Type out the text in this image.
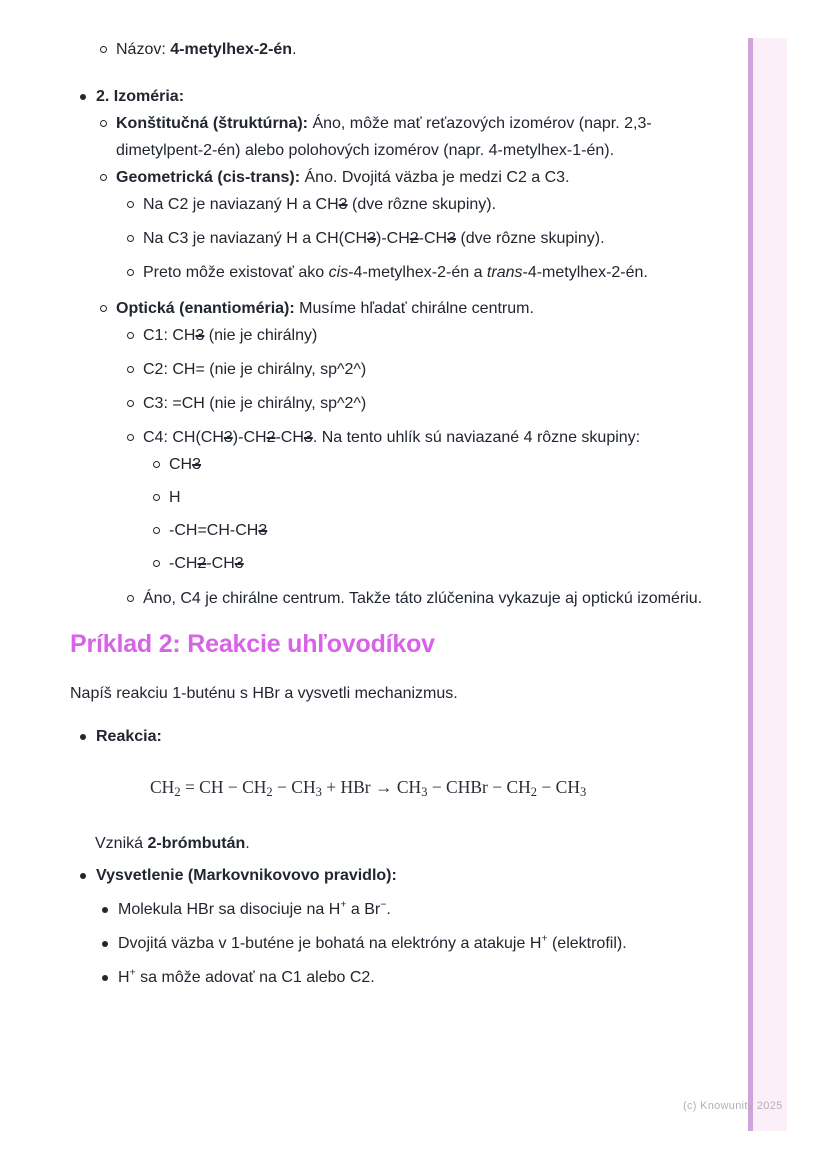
Názov: 4-metylhex-2-én.
2. Izoméria:
Konštitučná (štruktúrna): Áno, môže mať reťazových izomérov (napr. 2,3-dimetylpent-2-én) alebo polohových izomérov (napr. 4-metylhex-1-én).
Geometrická (cis-trans): Áno. Dvojitá väzba je medzi C2 a C3.
Na C2 je naviazaný H a CH3 (dve rôzne skupiny).
Na C3 je naviazaný H a CH(CH3)-CH2-CH3 (dve rôzne skupiny).
Preto môže existovať ako cis-4-metylhex-2-én a trans-4-metylhex-2-én.
Optická (enantioméria): Musíme hľadať chirálne centrum.
C1: CH3 (nie je chirálny)
C2: CH= (nie je chirálny, sp^2^)
C3: =CH (nie je chirálny, sp^2^)
C4: CH(CH3)-CH2-CH3. Na tento uhlík sú naviazané 4 rôzne skupiny:
CH3
H
-CH=CH-CH3
-CH2-CH3
Áno, C4 je chirálne centrum. Takže táto zlúčenina vykazuje aj optickú izomériu.
Príklad 2: Reakcie uhľovodíkov

Napíš reakciu 1-buténu s HBr a vysvetli mechanizmus.

Reakcia:
$CH_2$ = CH − $CH_2 - CH_3$ + HBr → $CH_3$ − CHBr − $CH_2 - CH_3$

Vzniká 2-brómbután.

Vysvetlenie (Markovnikovovo pravidlo):
Molekula HBr sa disociuje na H+ a Br−.
Dvojitá väzba v 1-buténe je bohatá na elektróny a atakuje H+ (elektrofil).
H+ sa môže adovať na C1 alebo C2.
(c) Knowunity 2025
